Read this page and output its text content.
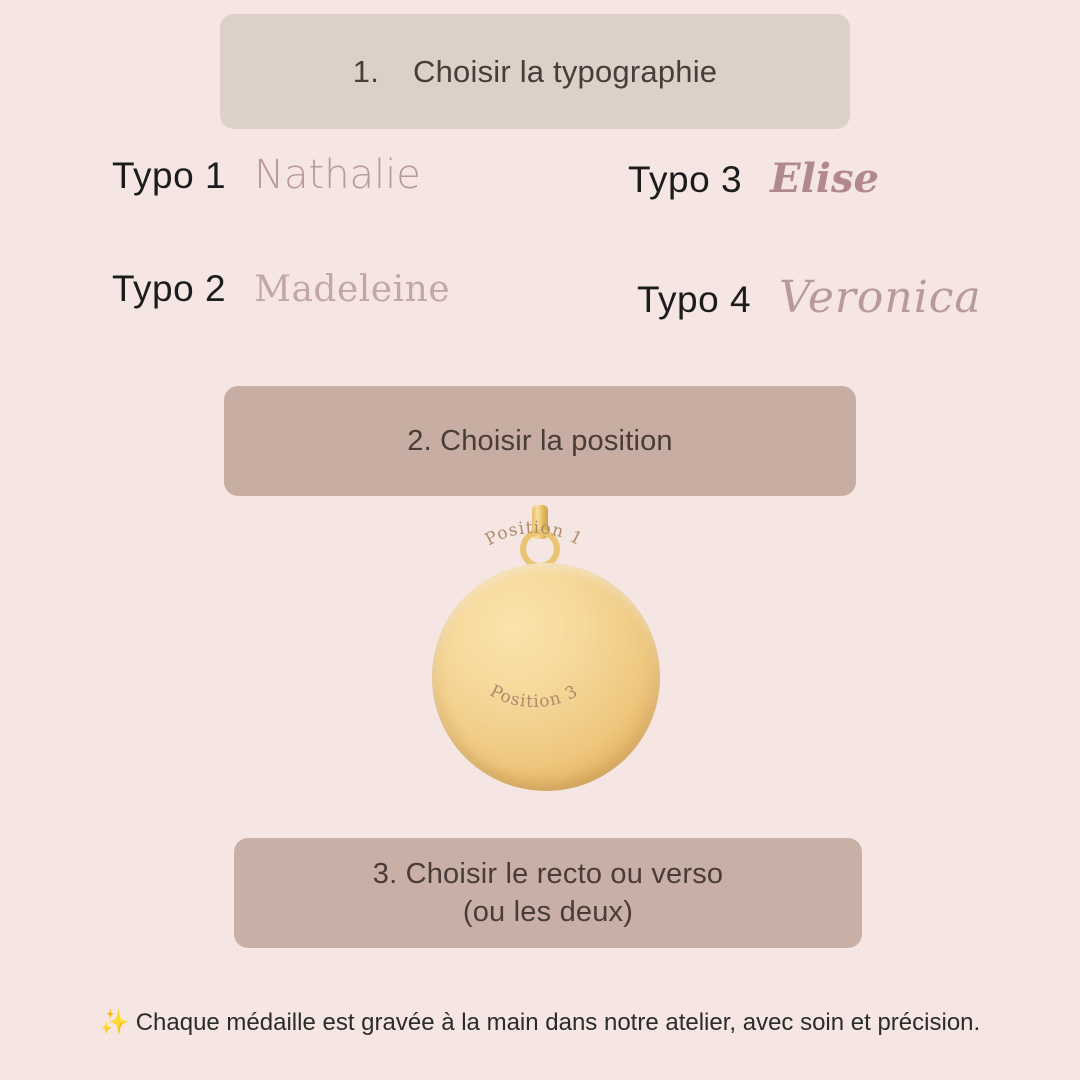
1. Choisir la typographie
Typo 1 Nathalie
Typo 2 Madeleine
Typo 3 Elise
Typo 4 Veronica
2. Choisir la position
Position 1
Position 3
3. Choisir le recto ou verso
(ou les deux)
✨ Chaque médaille est gravée à la main dans notre atelier, avec soin et précision.
